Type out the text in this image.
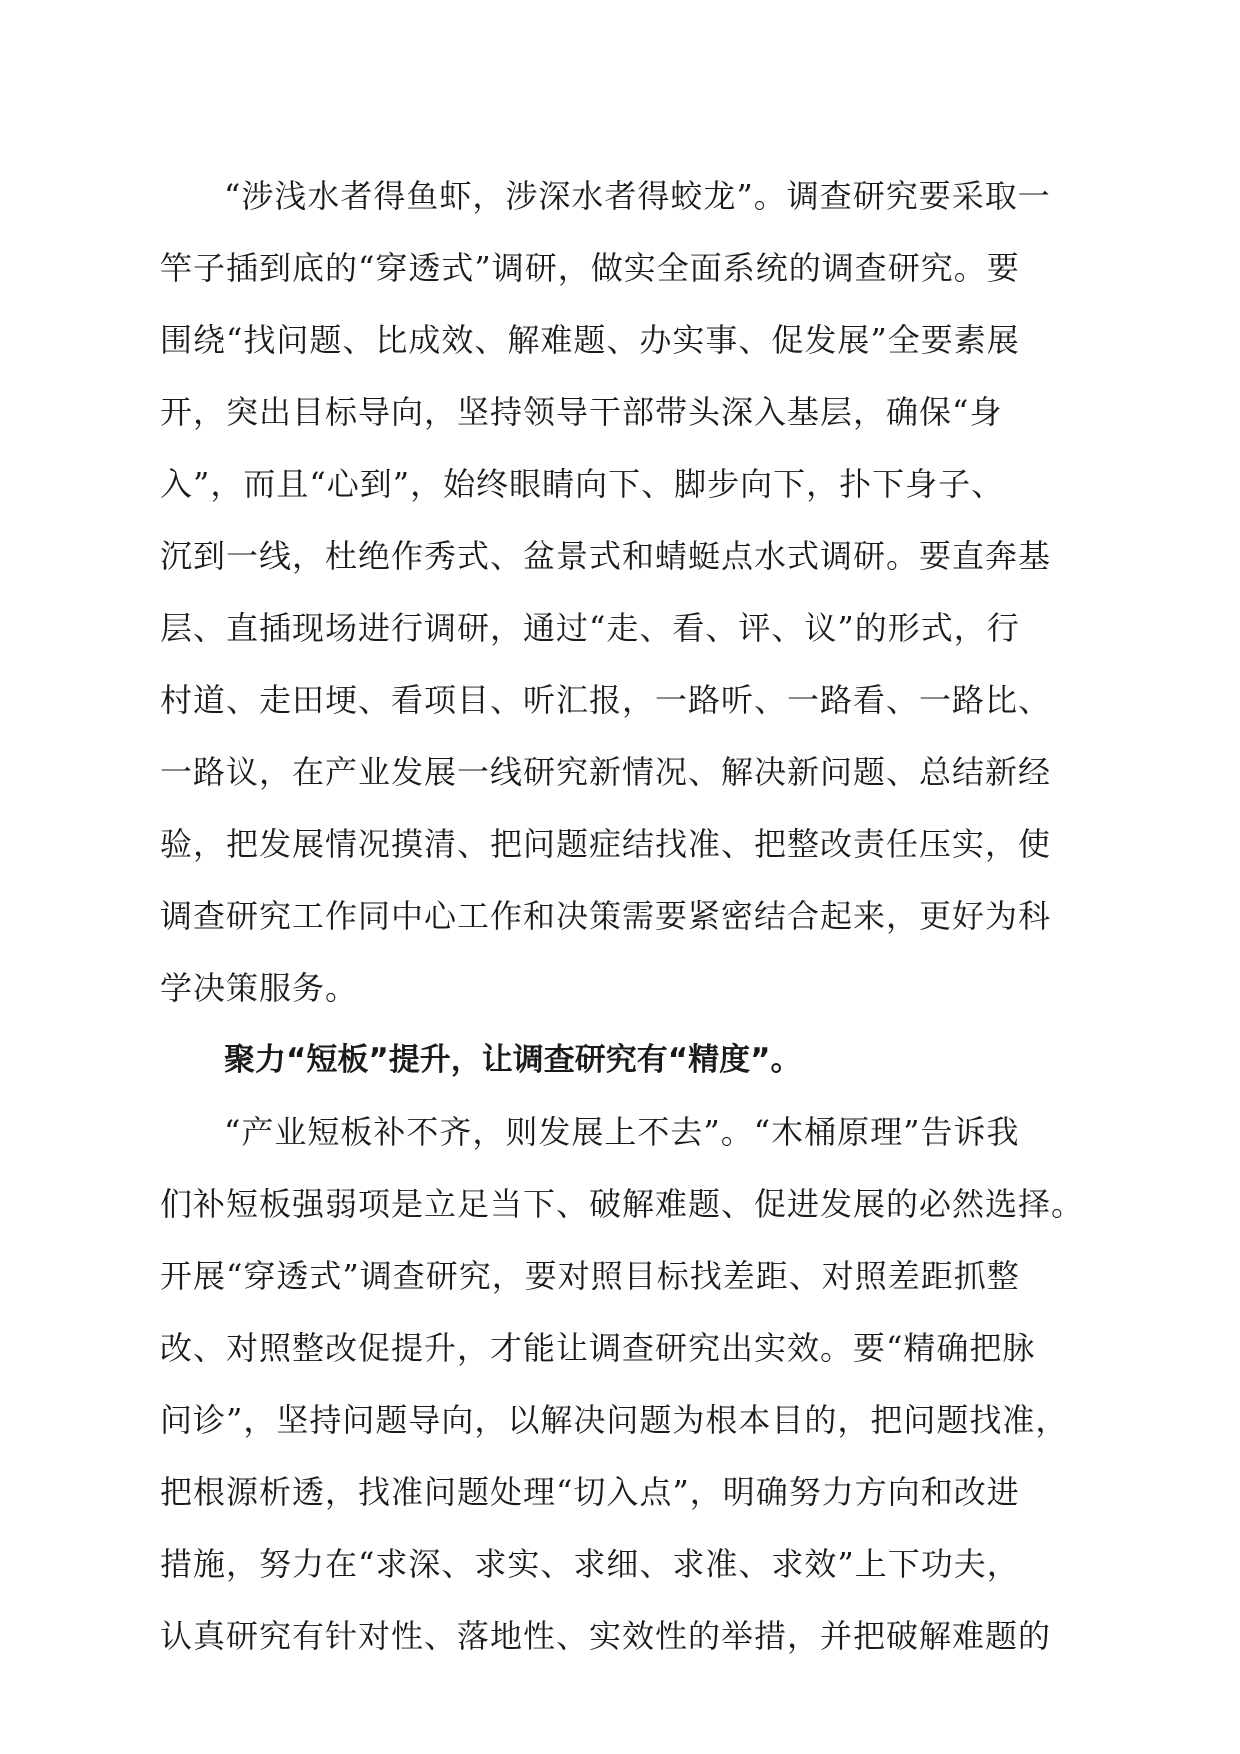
“涉浅水者得鱼虾，涉深水者得蛟龙”。调查研究要采取一
竿子插到底的“穿透式”调研，做实全面系统的调查研究。要
围绕“找问题、比成效、解难题、办实事、促发展”全要素展
开，突出目标导向，坚持领导干部带头深入基层，确保“身
入”，而且“心到”，始终眼睛向下、脚步向下，扑下身子、
沉到一线，杜绝作秀式、盆景式和蜻蜓点水式调研。要直奔基
层、直插现场进行调研，通过“走、看、评、议”的形式，行
村道、走田埂、看项目、听汇报，一路听、一路看、一路比、
一路议，在产业发展一线研究新情况、解决新问题、总结新经
验，把发展情况摸清、把问题症结找准、把整改责任压实，使
调查研究工作同中心工作和决策需要紧密结合起来，更好为科
学决策服务。
聚力“短板”提升，让调查研究有“精度”。
“产业短板补不齐，则发展上不去”。“木桶原理”告诉我
们补短板强弱项是立足当下、破解难题、促进发展的必然选择。
开展“穿透式”调查研究，要对照目标找差距、对照差距抓整
改、对照整改促提升，才能让调查研究出实效。要“精确把脉
问诊”，坚持问题导向，以解决问题为根本目的，把问题找准，
把根源析透，找准问题处理“切入点”，明确努力方向和改进
措施，努力在“求深、求实、求细、求准、求效”上下功夫，
认真研究有针对性、落地性、实效性的举措，并把破解难题的
